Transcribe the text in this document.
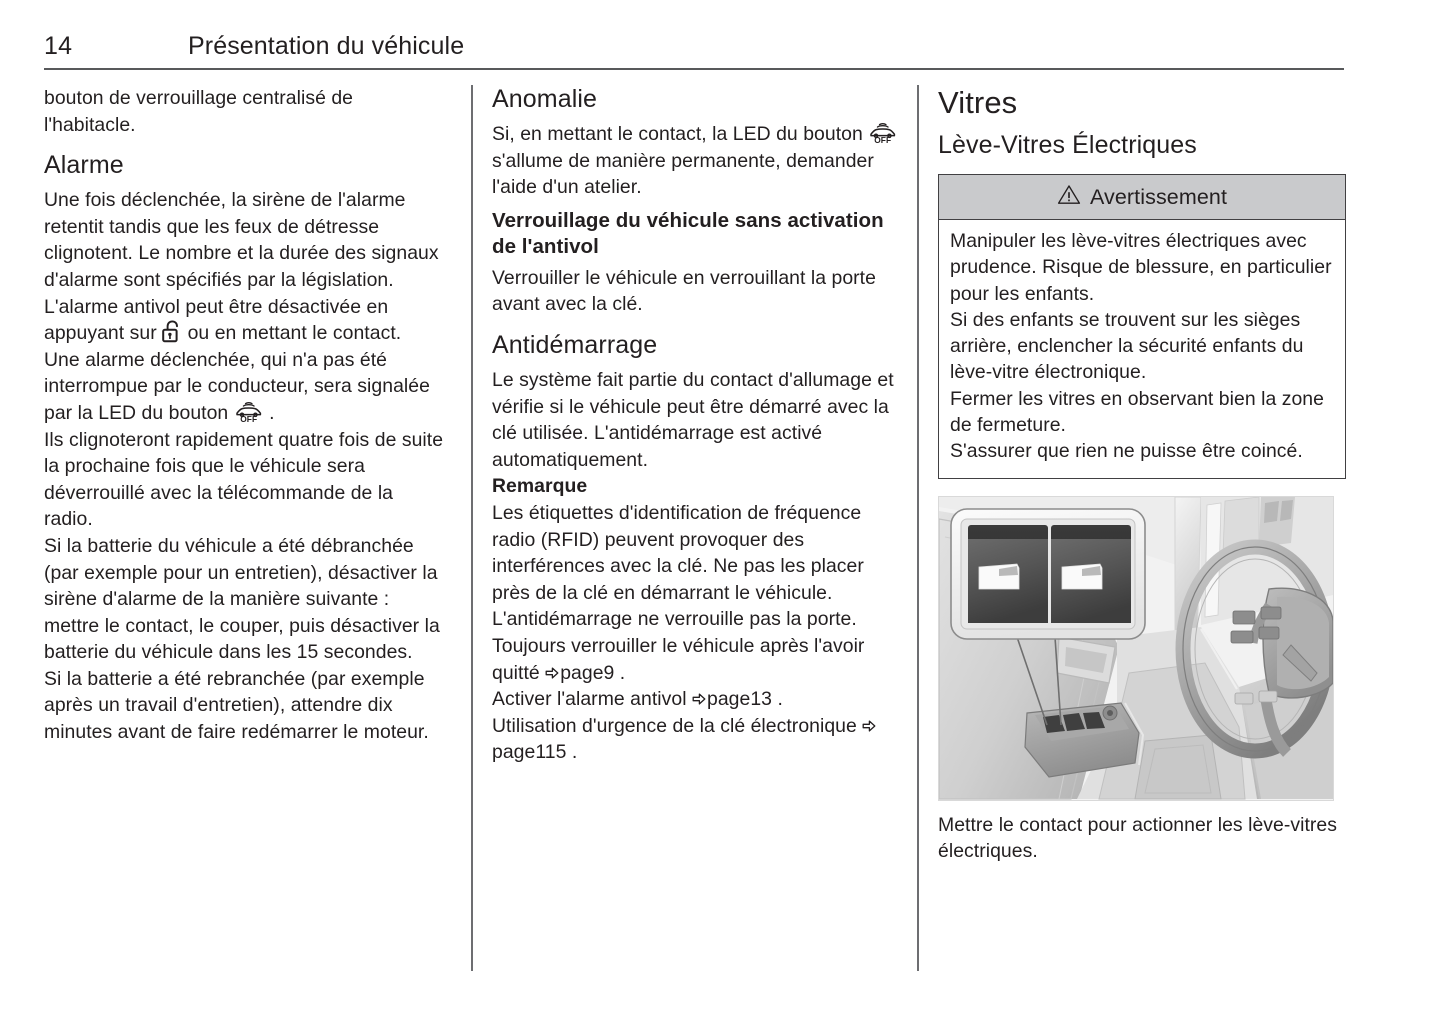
14	Présentation du véhicule

bouton de verrouillage centralisé de l'habitacle.

Alarme

Une fois déclenchée, la sirène de l'alarme retentit tandis que les feux de détresse clignotent. Le nombre et la durée des signaux d'alarme sont spécifiés par la législation.

L'alarme antivol peut être désactivée en appuyant sur ou en mettant le contact.

Une alarme déclenchée, qui n'a pas été interrompue par le conducteur, sera signalée par la LED du bouton OFF .

Ils clignoteront rapidement quatre fois de suite la prochaine fois que le véhicule sera déverrouillé avec la télécommande de la radio.

Si la batterie du véhicule a été débranchée (par exemple pour un entretien), désactiver la sirène d'alarme de la manière suivante : mettre le contact, le couper, puis désactiver la batterie du véhicule dans les 15 secondes.

Si la batterie a été rebranchée (par exemple après un travail d'entretien), attendre dix minutes avant de faire redémarrer le moteur.

Anomalie

Si, en mettant le contact, la LED du bouton OFF
s'allume de manière permanente, demander l'aide d'un atelier.

Verrouillage du véhicule sans activation de l'antivol

Verrouiller le véhicule en verrouillant la porte avant avec la clé.

Antidémarrage

Le système fait partie du contact d'allumage et vérifie si le véhicule peut être démarré avec la clé utilisée. L'antidémarrage est activé automatiquement.

Remarque

Les étiquettes d'identification de fréquence radio (RFID) peuvent provoquer des interférences avec la clé. Ne pas les placer près de la clé en démarrant le véhicule.

L'antidémarrage ne verrouille pas la porte. Toujours verrouiller le véhicule après l'avoir quitté page9 .

Activer l'alarme antivol page13 .

Utilisation d'urgence de la clé électronique page115 .

Vitres
Lève-Vitres Électriques
Avertissement

Manipuler les lève-vitres électriques avec prudence. Risque de blessure, en particulier pour les enfants.

Si des enfants se trouvent sur les sièges arrière, enclencher la sécurité enfants du lève-vitre électronique.

Fermer les vitres en observant bien la zone de fermeture.

S'assurer que rien ne puisse être coincé.

Mettre le contact pour actionner les lève-vitres électriques.
